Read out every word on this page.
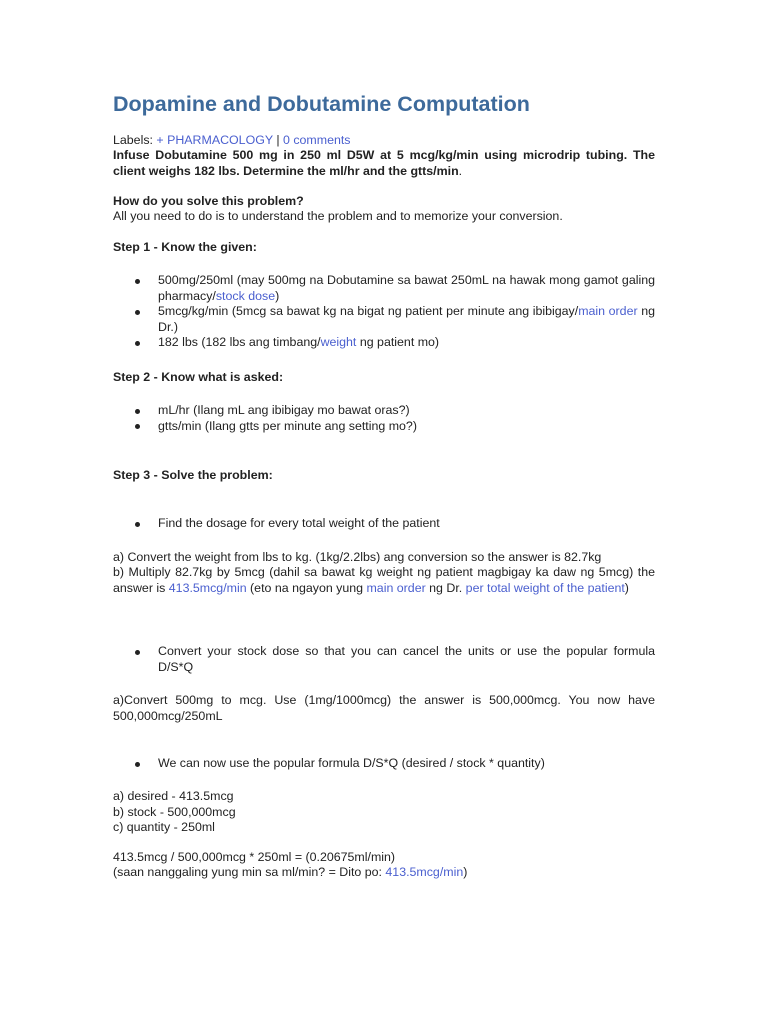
Dopamine and Dobutamine Computation
Labels: + PHARMACOLOGY | 0 comments

Infuse Dobutamine 500 mg in 250 ml D5W at 5 mcg/kg/min using microdrip tubing. The client weighs 182 lbs. Determine the ml/hr and the gtts/min.

How do you solve this problem?

All you need to do is to understand the problem and to memorize your conversion.

Step 1 - Know the given:

500mg/250ml (may 500mg na Dobutamine sa bawat 250mL na hawak mong gamot galing pharmacy/stock dose)
5mcg/kg/min (5mcg sa bawat kg na bigat ng patient per minute ang ibibigay/main order ng Dr.)
182 lbs (182 lbs ang timbang/weight ng patient mo)

Step 2 - Know what is asked:

mL/hr (Ilang mL ang ibibigay mo bawat oras?)
gtts/min (Ilang gtts per minute ang setting mo?)

Step 3 - Solve the problem:

Find the dosage for every total weight of the patient

a) Convert the weight from lbs to kg. (1kg/2.2lbs) ang conversion so the answer is 82.7kg

b) Multiply 82.7kg by 5mcg (dahil sa bawat kg weight ng patient magbigay ka daw ng 5mcg) the answer is 413.5mcg/min (eto na ngayon yung main order ng Dr. per total weight of the patient)

Convert your stock dose so that you can cancel the units or use the popular formula D/S*Q

a)Convert 500mg to mcg. Use (1mg/1000mcg) the answer is 500,000mcg. You now have 500,000mcg/250mL

We can now use the popular formula D/S*Q (desired / stock * quantity)

a) desired - 413.5mcg

b) stock - 500,000mcg

c) quantity - 250ml

413.5mcg / 500,000mcg * 250ml = (0.20675ml/min)

(saan nanggaling yung min sa ml/min? = Dito po: 413.5mcg/min)
